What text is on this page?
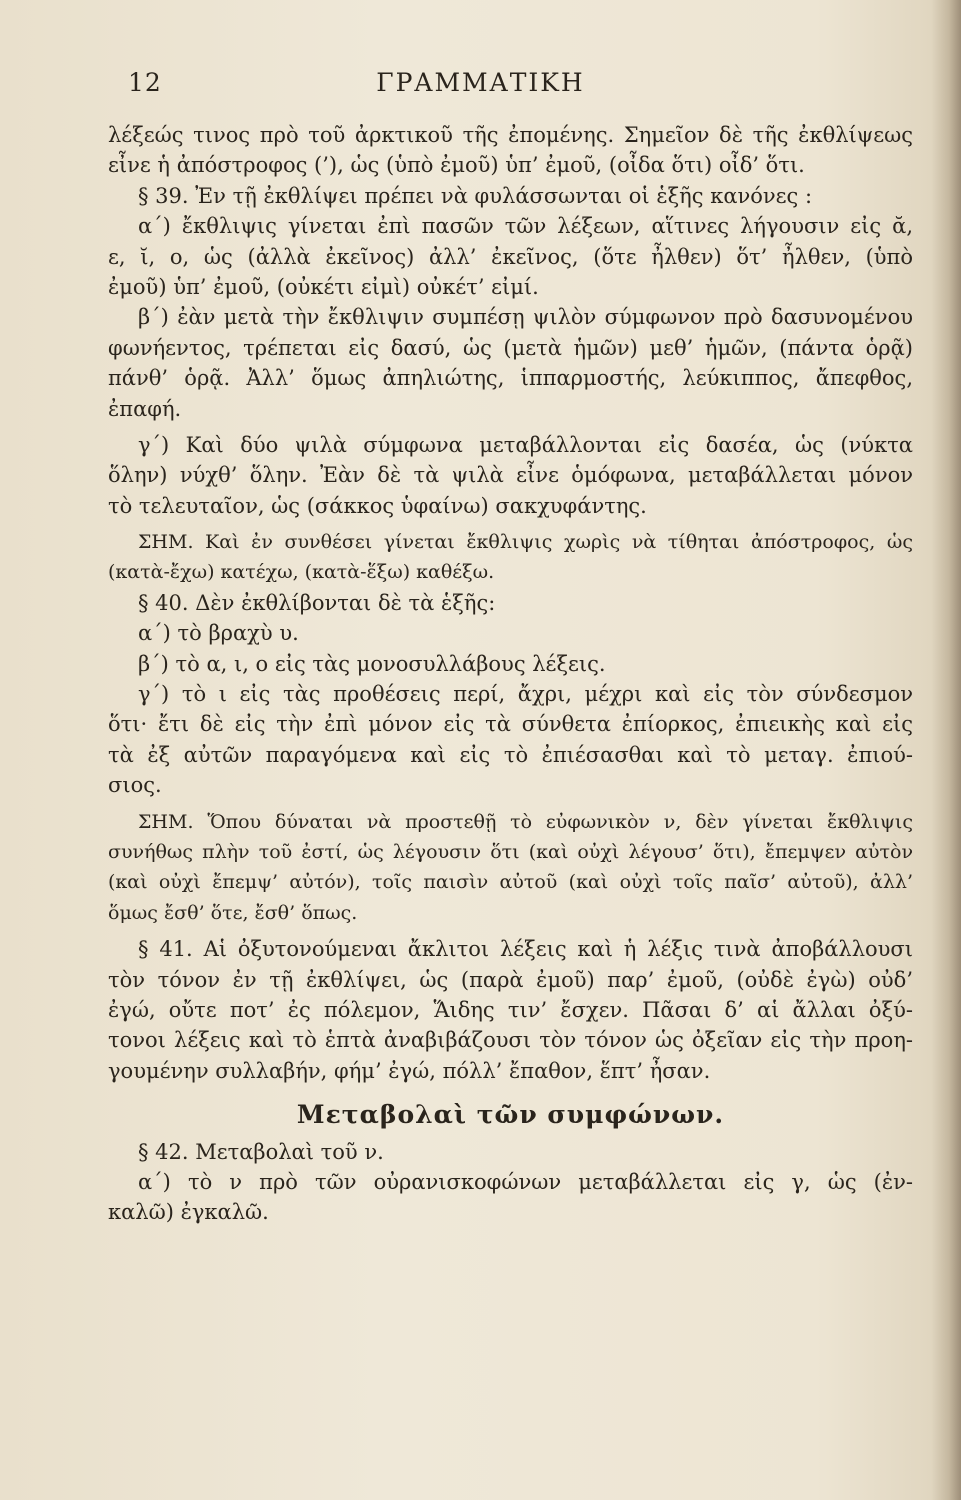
12	ΓΡΑΜΜΑΤΙΚΗ
λέξεώς τινος πρὸ τοῦ ἀρκτικοῦ τῆς ἐπομένης. Σημεῖον δὲ τῆς ἐκθλίψεως
εἶνε ἡ ἀπόστροφος (’), ὡς (ὑπὸ ἐμοῦ) ὑπ’ ἐμοῦ, (οἶδα ὅτι) οἶδ’ ὅτι.
§ 39. Ἐν τῇ ἐκθλίψει πρέπει νὰ φυλάσσωνται οἱ ἑξῆς κανόνες :
α΄) ἔκθλιψις γίνεται ἐπὶ πασῶν τῶν λέξεων, αἵτινες λήγουσιν εἰς ᾰ,
ε, ῐ, ο, ὡς (ἀλλὰ ἐκεῖνος) ἀλλ’ ἐκεῖνος, (ὅτε ἦλθεν) ὅτ’ ἦλθεν, (ὑπὸ
ἐμοῦ) ὑπ’ ἐμοῦ, (οὐκέτι εἰμὶ) οὐκέτ’ εἰμί.
β΄) ἐὰν μετὰ τὴν ἔκθλιψιν συμπέσῃ ψιλὸν σύμφωνον πρὸ δασυνομένου
φωνήεντος, τρέπεται εἰς δασύ, ὡς (μετὰ ἡμῶν) μεθ’ ἡμῶν, (πάντα ὁρᾷ)
πάνθ’ ὁρᾷ. Ἀλλ’ ὅμως ἀπηλιώτης, ἱππαρμοστής, λεύκιππος, ἄπεφθος,
ἐπαφή.
γ΄) Καὶ δύο ψιλὰ σύμφωνα μεταβάλλονται εἰς δασέα, ὡς (νύκτα
ὅλην) νύχθ’ ὅλην. Ἐὰν δὲ τὰ ψιλὰ εἶνε ὁμόφωνα, μεταβάλλεται μόνον
τὸ τελευταῖον, ὡς (σάκκος ὑφαίνω) σακχυφάντης.
ΣΗΜ. Καὶ ἐν συνθέσει γίνεται ἔκθλιψις χωρὶς νὰ τίθηται ἀπόστροφος, ὡς
(κατὰ-ἔχω) κατέχω, (κατὰ-ἕξω) καθέξω.
§ 40. Δὲν ἐκθλίβονται δὲ τὰ ἑξῆς:
α΄) τὸ βραχὺ υ.
β΄) τὸ α, ι, ο εἰς τὰς μονοσυλλάβους λέξεις.
γ΄) τὸ ι εἰς τὰς προθέσεις περί, ἄχρι, μέχρι καὶ εἰς τὸν σύνδεσμον
ὅτι· ἔτι δὲ εἰς τὴν ἐπὶ μόνον εἰς τὰ σύνθετα ἐπίορκος, ἐπιεικὴς καὶ εἰς
τὰ ἐξ αὐτῶν παραγόμενα καὶ εἰς τὸ ἐπιέσασθαι καὶ τὸ μεταγ. ἐπιού-
σιος.
ΣΗΜ. Ὅπου δύναται νὰ προστεθῇ τὸ εὐφωνικὸν ν, δὲν γίνεται ἔκθλιψις
συνήθως πλὴν τοῦ ἐστί, ὡς λέγουσιν ὅτι (καὶ οὐχὶ λέγουσ’ ὅτι), ἔπεμψεν αὐτὸν
(καὶ οὐχὶ ἔπεμψ’ αὐτόν), τοῖς παισὶν αὐτοῦ (καὶ οὐχὶ τοῖς παῖσ’ αὐτοῦ), ἀλλ’
ὅμως ἔσθ’ ὅτε, ἔσθ’ ὅπως.
§ 41. Αἱ ὀξυτονούμεναι ἄκλιτοι λέξεις καὶ ἡ λέξις τινὰ ἀποβάλλουσι
τὸν τόνον ἐν τῇ ἐκθλίψει, ὡς (παρὰ ἐμοῦ) παρ’ ἐμοῦ, (οὐδὲ ἐγὼ) οὐδ’
ἐγώ, οὔτε ποτ’ ἐς πόλεμον, Ἅιδης τιν’ ἔσχεν. Πᾶσαι δ’ αἱ ἄλλαι ὀξύ-
τονοι λέξεις καὶ τὸ ἑπτὰ ἀναβιβάζουσι τὸν τόνον ὡς ὀξεῖαν εἰς τὴν προη-
γουμένην συλλαβήν, φήμ’ ἐγώ, πόλλ’ ἔπαθον, ἕπτ’ ἦσαν.
Μεταβολαὶ τῶν συμφώνων.
§ 42. Μεταβολαὶ τοῦ ν.
α΄) τὸ ν πρὸ τῶν οὐρανισκοφώνων μεταβάλλεται εἰς γ, ὡς (ἐν-
καλῶ) ἐγκαλῶ.
